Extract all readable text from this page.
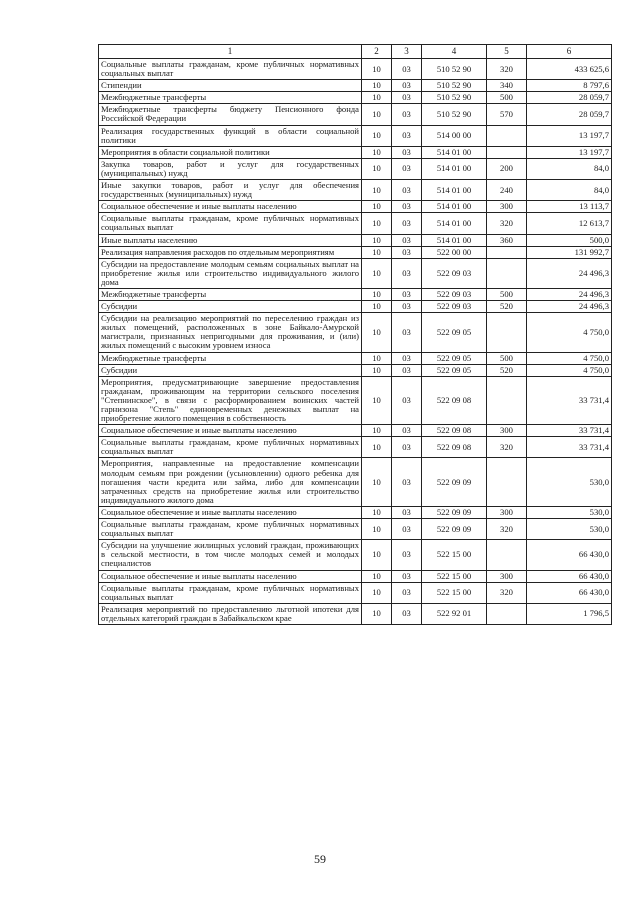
1	2	3	4	5	6
Социальные выплаты гражданам, кроме публичных нормативных социальных выплат	10	03	510 52 90	320	433 625,6
Стипендии	10	03	510 52 90	340	8 797,6
Межбюджетные трансферты	10	03	510 52 90	500	28 059,7
Межбюджетные трансферты бюджету Пенсионного фонда Российской Федерации	10	03	510 52 90	570	28 059,7
Реализация государственных функций в области социальной политики	10	03	514 00 00		13 197,7
Мероприятия в области социальной политики	10	03	514 01 00		13 197,7
Закупка товаров, работ и услуг для государственных (муниципальных) нужд	10	03	514 01 00	200	84,0
Иные закупки товаров, работ и услуг для обеспечения государственных (муниципальных) нужд	10	03	514 01 00	240	84,0
Социальное обеспечение и иные выплаты населению	10	03	514 01 00	300	13 113,7
Социальные выплаты гражданам, кроме публичных нормативных социальных выплат	10	03	514 01 00	320	12 613,7
Иные выплаты населению	10	03	514 01 00	360	500,0
Реализация направления расходов по отдельным мероприятиям	10	03	522 00 00		131 992,7
Субсидии на предоставление молодым семьям социальных выплат на приобретение жилья или строительство индивидуального жилого дома	10	03	522 09 03		24 496,3
Межбюджетные трансферты	10	03	522 09 03	500	24 496,3
Субсидии	10	03	522 09 03	520	24 496,3
Субсидии на реализацию мероприятий по переселению граждан из жилых помещений, расположенных в зоне Байкало-Амурской магистрали, признанных непригодными для проживания, и (или) жилых помещений с высоким уровнем износа	10	03	522 09 05		4 750,0
Межбюджетные трансферты	10	03	522 09 05	500	4 750,0
Субсидии	10	03	522 09 05	520	4 750,0
Мероприятия, предусматривающие завершение предоставления гражданам, проживающим на территории сельского поселения "Степнинское", в связи с расформированием воинских частей гарнизона "Степь" единовременных денежных выплат на приобретение жилого помещения в собственность	10	03	522 09 08		33 731,4
Социальное обеспечение и иные выплаты населению	10	03	522 09 08	300	33 731,4
Социальные выплаты гражданам, кроме публичных нормативных социальных выплат	10	03	522 09 08	320	33 731,4
Мероприятия, направленные на предоставление компенсации молодым семьям при рождении (усыновлении) одного ребенка для погашения части кредита или займа, либо для компенсации затраченных средств на приобретение жилья или строительство индивидуального жилого дома	10	03	522 09 09		530,0
Социальное обеспечение и иные выплаты населению	10	03	522 09 09	300	530,0
Социальные выплаты гражданам, кроме публичных нормативных социальных выплат	10	03	522 09 09	320	530,0
Субсидии на улучшение жилищных условий граждан, проживающих в сельской местности, в том числе молодых семей и молодых специалистов	10	03	522 15 00		66 430,0
Социальное обеспечение и иные выплаты населению	10	03	522 15 00	300	66 430,0
Социальные выплаты гражданам, кроме публичных нормативных социальных выплат	10	03	522 15 00	320	66 430,0
Реализация мероприятий по предоставлению льготной ипотеки для отдельных категорий граждан в Забайкальском крае	10	03	522 92 01		1 796,5
59
